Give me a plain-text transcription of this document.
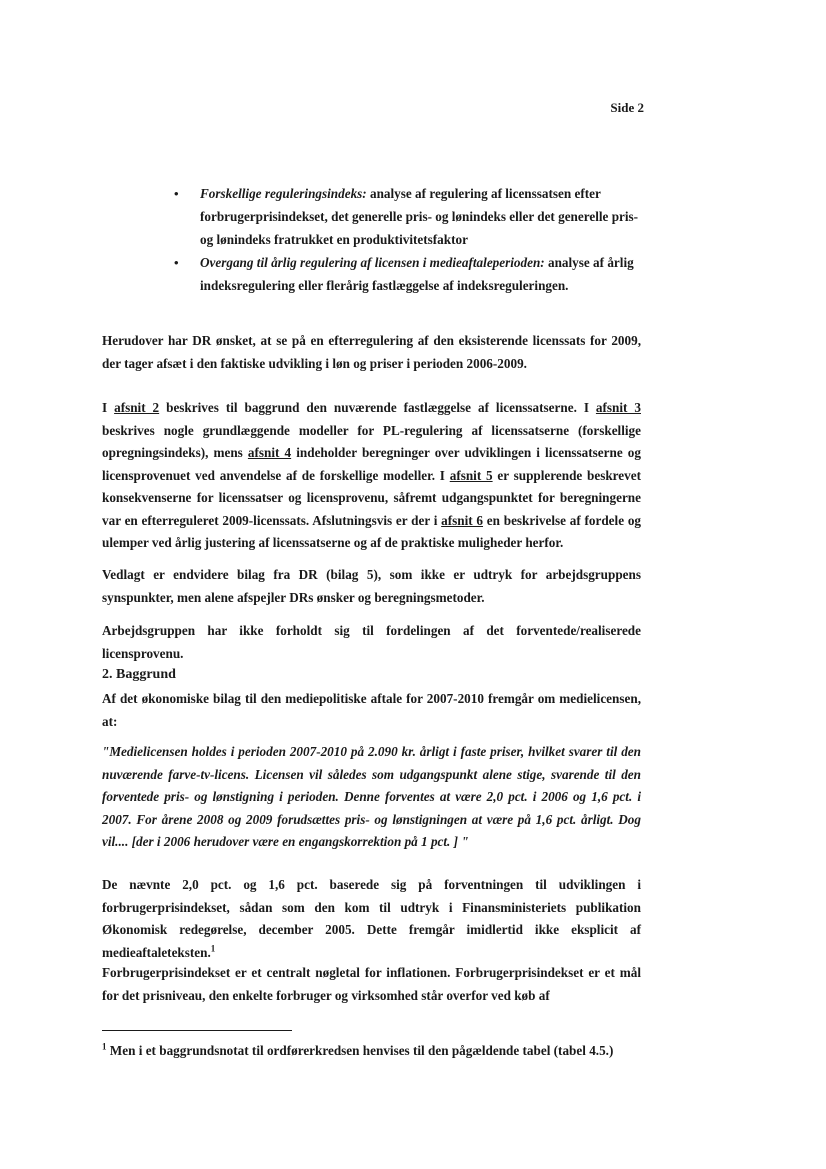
Side 2
• Forskellige reguleringsindeks: analyse af regulering af licenssatsen efter forbrugerprisindekset, det generelle pris- og lønindeks eller det generelle pris- og lønindeks fratrukket en produktivitetsfaktor
• Overgang til årlig regulering af licensen i medieaftaleperioden: analyse af årlig indeksregulering eller flerårig fastlæggelse af indeksreguleringen.

Herudover har DR ønsket, at se på en efterregulering af den eksisterende licenssats for 2009, der tager afsæt i den faktiske udvikling i løn og priser i perioden 2006-2009.

I afsnit 2 beskrives til baggrund den nuværende fastlæggelse af licenssatserne. I afsnit 3 beskrives nogle grundlæggende modeller for PL-regulering af licenssatserne (forskellige opregningsindeks), mens afsnit 4 indeholder beregninger over udviklingen i licenssatserne og licensprovenuet ved anvendelse af de forskellige modeller. I afsnit 5 er supplerende beskrevet konsekvenserne for licenssatser og licensprovenu, såfremt udgangspunktet for beregningerne var en efterreguleret 2009-licenssats. Afslutningsvis er der i afsnit 6 en beskrivelse af fordele og ulemper ved årlig justering af licenssatserne og af de praktiske muligheder herfor.

Vedlagt er endvidere bilag fra DR (bilag 5), som ikke er udtryk for arbejdsgruppens synspunkter, men alene afspejler DRs ønsker og beregningsmetoder.

Arbejdsgruppen har ikke forholdt sig til fordelingen af det forventede/realiserede licensprovenu.

2. Baggrund

Af det økonomiske bilag til den mediepolitiske aftale for 2007-2010 fremgår om medielicensen, at:

"Medielicensen holdes i perioden 2007-2010 på 2.090 kr. årligt i faste priser, hvilket svarer til den nuværende farve-tv-licens. Licensen vil således som udgangspunkt alene stige, svarende til den forventede pris- og lønstigning i perioden. Denne forventes at være 2,0 pct. i 2006 og 1,6 pct. i 2007. For årene 2008 og 2009 forudsættes pris- og lønstigningen at være på 1,6 pct. årligt. Dog vil.... [der i 2006 herudover være en engangskorrektion på 1 pct. ] "

De nævnte 2,0 pct. og 1,6 pct. baserede sig på forventningen til udviklingen i forbrugerprisindekset, sådan som den kom til udtryk i Finansministeriets publikation Økonomisk redegørelse, december 2005. Dette fremgår imidlertid ikke eksplicit af medieaftaleteksten.$^1$

Forbrugerprisindekset er et centralt nøgletal for inflationen. Forbrugerprisindekset er et mål for det prisniveau, den enkelte forbruger og virksomhed står overfor ved køb af

$^1$ Men i et baggrundsnotat til ordførerkredsen henvises til den pågældende tabel (tabel 4.5.)
